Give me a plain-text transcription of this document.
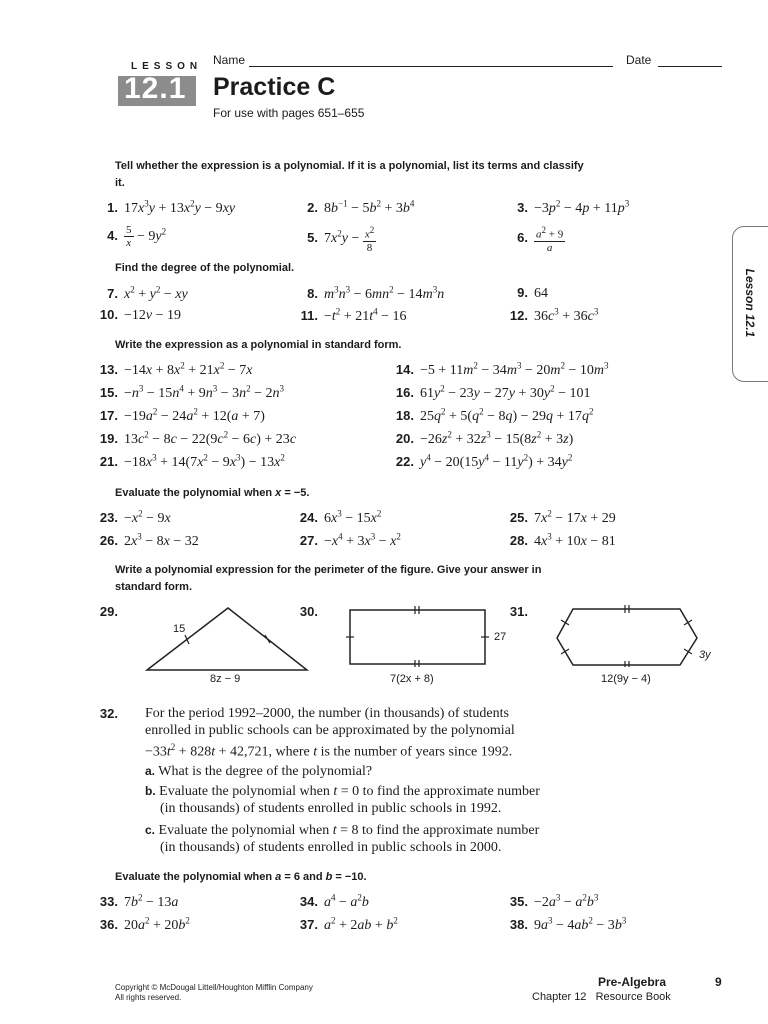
LESSON
12.1 Practice C
For use with pages 651–655
Name	Date
Lesson 12.1
Tell whether the expression is a polynomial. If it is a polynomial, list its terms and classify it.
1. $17x^3y + 13x^2y - 9xy$	2. $8b^{-1} - 5b^2 + 3b^4$	3. $-3p^2 - 4p + 11p^3$
4. $\frac{5}{x} - 9y^2$	5. $7x^2y - \frac{x^2}{8}$	6. $\frac{a^2 + 9}{a}$
Find the degree of the polynomial.
7. $x^2 + y^2$ − xy	8. $m^3n^3 - 6mn^2 - 14m^3n$	9. 64
10. −12v − 19	11. $-t^2 + 21t^4 - 16$	12. $36c^3 + 36c^3$
Write the expression as a polynomial in standard form.
13. $-14x + 8x^2 + 21x^2 - 7x$	14. $-5 + 11m^2 - 34m^3 - 20m^2 - 10m^3$
15. $-n^3 - 15n^4 + 9n^3 - 3n^2 - 2n^3$	16. $61y^2 - 23y - 27y + 30y^2 - 101$
17. $-19a^2 - 24a^2 + 12(a + 7)$	18. $25q^2 + 5(q^2 - 8q) - 29q + 17q^2$
19. $13c^2 - 8c - 22(9c^2 - 6c) + 23c$	20. $-26z^2 + 32z^3 - 15(8z^2 + 3z)$
21. $-18x^3 + 14(7x^2 - 9x^3) - 13x^2$	22. $y^4 - 20(15y^4 - 11y^2) + 34y^2$
Evaluate the polynomial when x = −5.
23. $-x^2 - 9x$	24. $6x^3 - 15x^2$	25. $7x^2 - 17x + 29$
26. $2x^3 - 8x - 32$	27. $-x^4 + 3x^3 - x^2$	28. $4x^3 + 10x - 81$
Write a polynomial expression for the perimeter of the figure. Give your answer in standard form.
29.	30.	31.
15
8z − 9
27
7(2x + 8)
3y
12(9y − 4)
32.	For the period 1992–2000, the number (in thousands) of students
enrolled in public schools can be approximated by the polynomial
$-33t^2 + 828t + 42,721$, where t is the number of years since 1992.
a. What is the degree of the polynomial?
b. Evaluate the polynomial when t = 0 to find the approximate number
(in thousands) of students enrolled in public schools in 1992.
c. Evaluate the polynomial when t = 8 to find the approximate number
(in thousands) of students enrolled in public schools in 2000.
Evaluate the polynomial when a = 6 and b = −10.
33. $7b^2 - 13a$	34. $a^4 - a^2b$	35. $-2a^3 - a^2b^3$
36. $20a^2 + 20b^2$	37. $a^2 + 2ab + b^2$	38. $9a^3 - 4ab^2 - 3b^3$
Copyright © McDougal Littell/Houghton Mifflin Company
All rights reserved.
Pre-Algebra
Chapter 12   Resource Book
9
